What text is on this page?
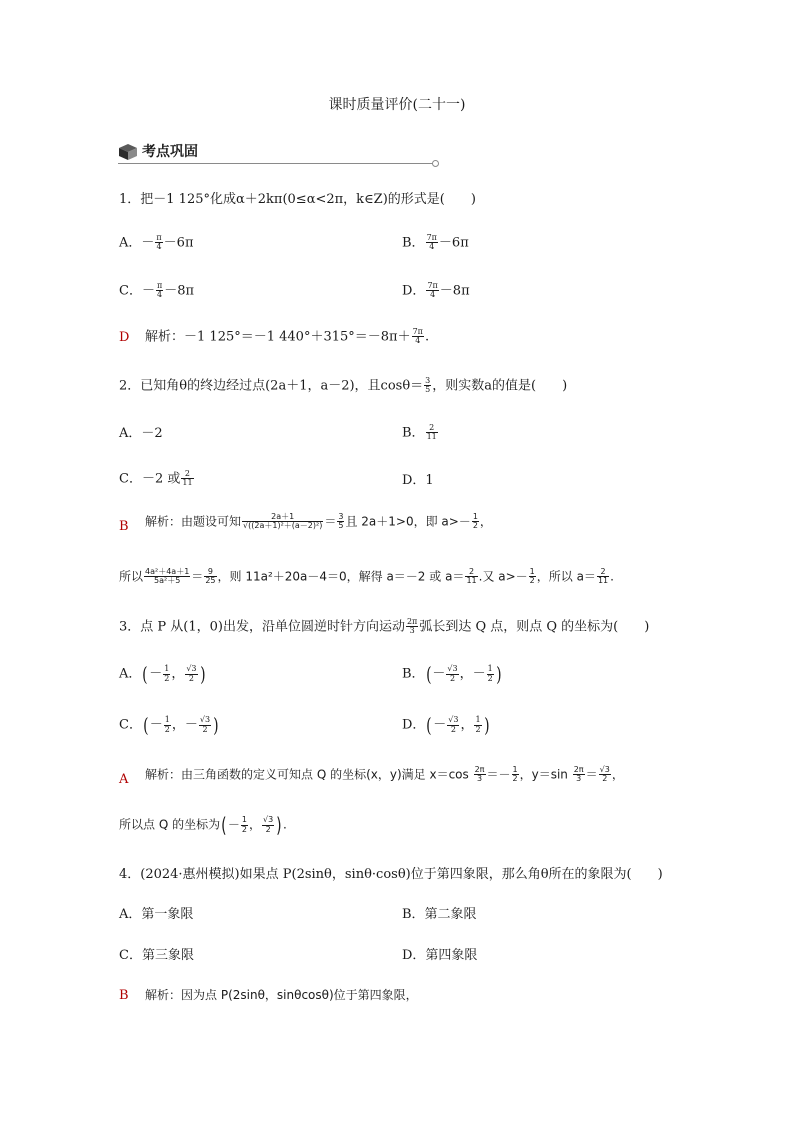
课时质量评价(二十一)
考点巩固
1．把－1 125°化成α＋2kπ(0≤α<2π，k∈Z)的形式是(　　)
A．－ $\frac{\pi}{4} -6\pi$	B． $\frac{7\pi}{4} -6\pi$
C．－ $\frac{\pi}{4} -8\pi$	D． $\frac{7\pi}{4} -8\pi$
D 解析：－1 125°＝－1 $440^\circ+315^\circ=-8\pi+ \frac{7\pi}{4}$ .
2．已知角θ的终边经过点(2a＋1，a－2)，且$\cos\theta= \frac{3}{5}$ ，则实数a的值是(　　)
A．－2	B． $\frac{2}{11}$
C．－2 或 $\frac{2}{11}$	D．1
B 解析：由题设可知 $\frac{2a+1}{\text{√((2a＋1)²＋(a－2)²)}} = \frac{3}{5}$ 且 2a＋1>0，即 $a>- \frac{1}{2}$ ，
所以 $\frac{\text{4a²＋4a＋1}}{\text{5a²＋5}} = \frac{9}{25}$ ，则 11a²＋20a－4＝0，解得 a＝－2 或 $a= \frac{2}{11}$ .又 $a>- \frac{1}{2}$ ，所以 $a= \frac{2}{11}$ .
3．点 P 从(1，0)出发，沿单位圆逆时针方向运动 $\frac{2\pi}{3}$ 弧长到达 Q 点，则点 Q 的坐标为(　　)
A．(－ $\frac{1}{2}$ ， $\frac{√3}{2}$ )	B．(－ $\frac{√3}{2}$ ，－ $\frac{1}{2}$ )
C．(－ $\frac{1}{2}$ ，－ $\frac{√3}{2}$ )	D．(－ $\frac{√3}{2}$ ， $\frac{1}{2}$ )
A 解析：由三角函数的定义可知点 Q 的坐标(x，y)满足 $x=\cos \frac{2\pi}{3} =- \frac{1}{2}$ ，$y=\sin \frac{2\pi}{3} = \frac{√3}{2}$ ，
所以点 Q 的坐标为(－ $\frac{1}{2}$ ， $\frac{√3}{2}$ ).
4．(2024·惠州模拟)如果点 P(2sinθ，sinθ·cosθ)位于第四象限，那么角θ所在的象限为(　　)
A．第一象限	B．第二象限
C．第三象限	D．第四象限
B 解析：因为点 P(2sinθ，sinθcosθ)位于第四象限，
